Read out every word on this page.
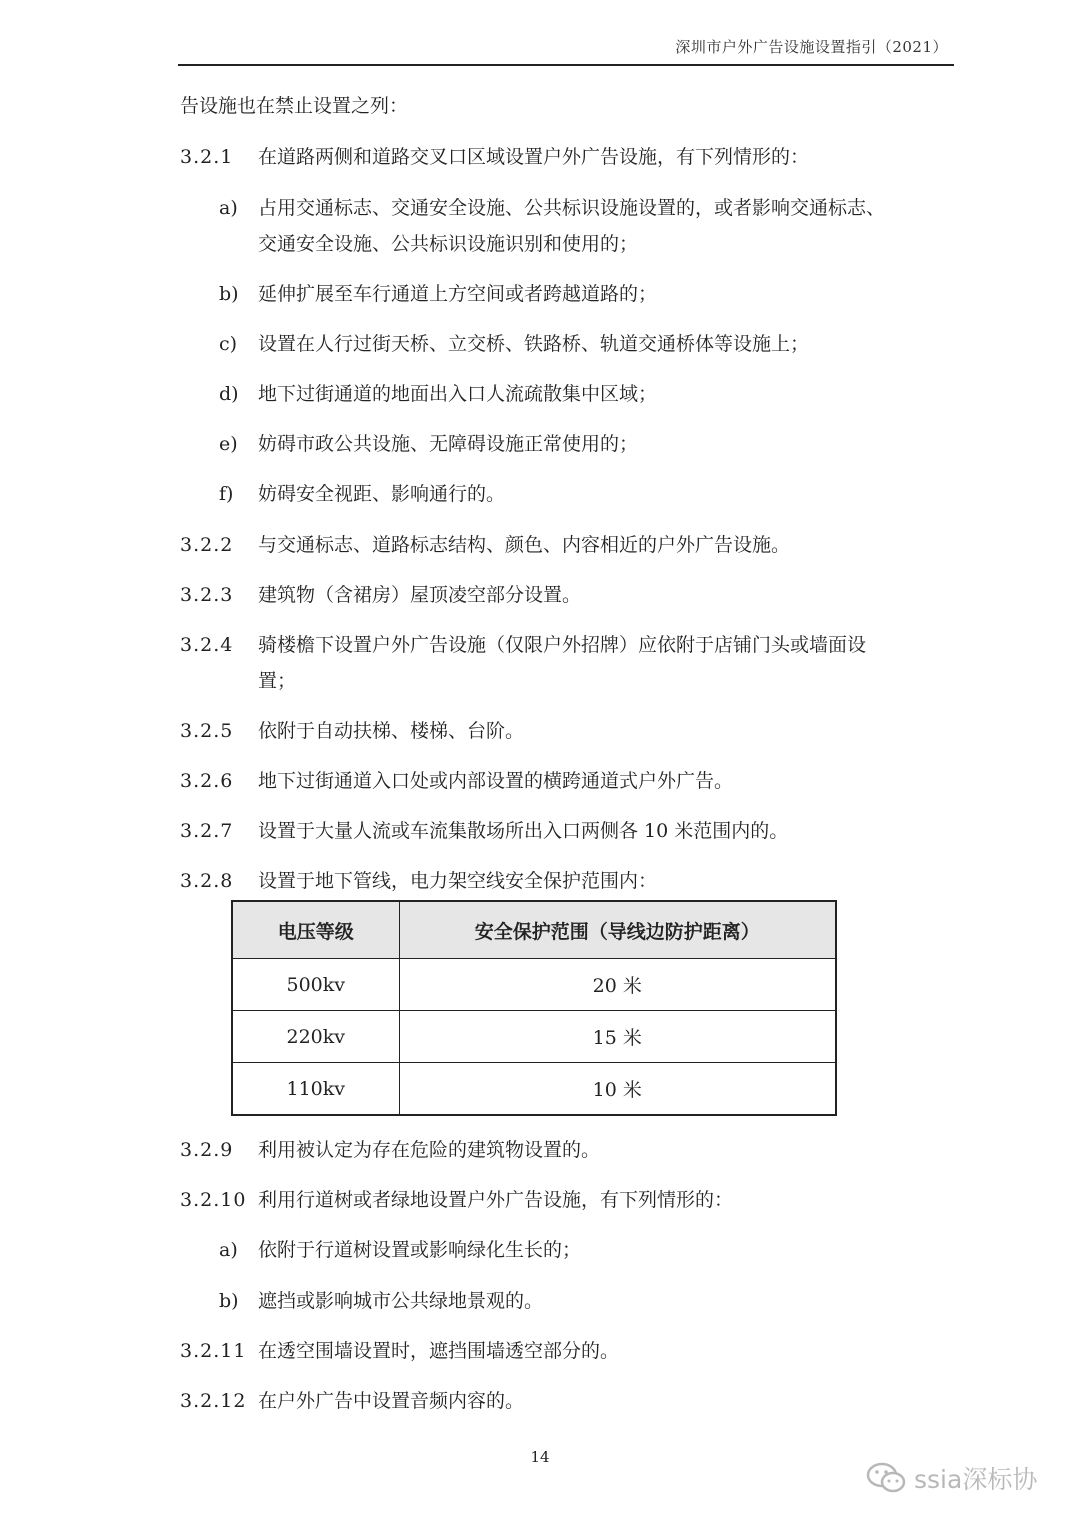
深圳市户外广告设施设置指引（2021）
告设施也在禁止设置之列：
3.2.1 在道路两侧和道路交叉口区域设置户外广告设施，有下列情形的：
a) 占用交通标志、交通安全设施、公共标识设施设置的，或者影响交通标志、
交通安全设施、公共标识设施识别和使用的；
b) 延伸扩展至车行通道上方空间或者跨越道路的；
c) 设置在人行过街天桥、立交桥、铁路桥、轨道交通桥体等设施上；
d) 地下过街通道的地面出入口人流疏散集中区域；
e) 妨碍市政公共设施、无障碍设施正常使用的；
f) 妨碍安全视距、影响通行的。
3.2.2 与交通标志、道路标志结构、颜色、内容相近的户外广告设施。
3.2.3 建筑物（含裙房）屋顶凌空部分设置。
3.2.4 骑楼檐下设置户外广告设施（仅限户外招牌）应依附于店铺门头或墙面设
置；
3.2.5 依附于自动扶梯、楼梯、台阶。
3.2.6 地下过街通道入口处或内部设置的横跨通道式户外广告。
3.2.7 设置于大量人流或车流集散场所出入口两侧各 10 米范围内的。
3.2.8 设置于地下管线，电力架空线安全保护范围内：
电压等级	安全保护范围（导线边防护距离）
500kv	20 米
220kv	15 米
110kv	10 米
3.2.9 利用被认定为存在危险的建筑物设置的。
3.2.10 利用行道树或者绿地设置户外广告设施，有下列情形的：
a) 依附于行道树设置或影响绿化生长的；
b) 遮挡或影响城市公共绿地景观的。
3.2.11 在透空围墙设置时，遮挡围墙透空部分的。
3.2.12 在户外广告中设置音频内容的。
14
ssia深标协
